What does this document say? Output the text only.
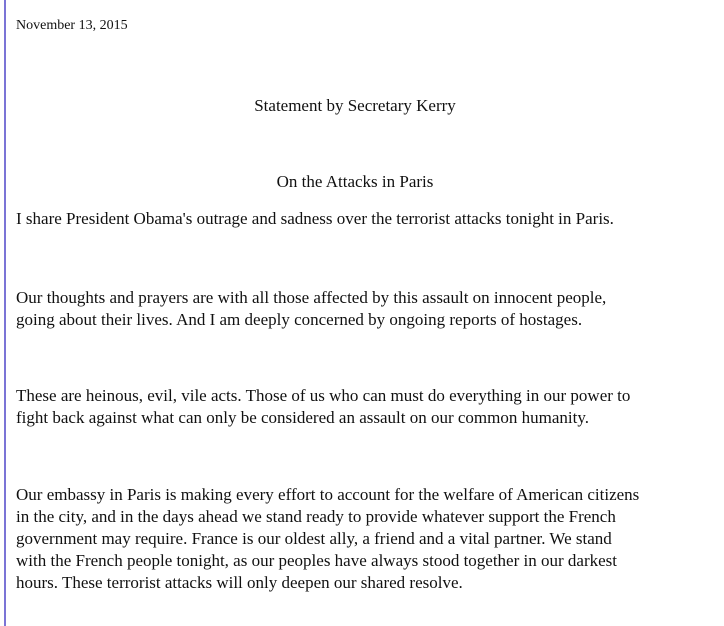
November 13, 2015

Statement by Secretary Kerry
On the Attacks in Paris

I share President Obama's outrage and sadness over the terrorist attacks tonight in Paris.

Our thoughts and prayers are with all those affected by this assault on innocent people,
going about their lives. And I am deeply concerned by ongoing reports of hostages.

These are heinous, evil, vile acts. Those of us who can must do everything in our power to
fight back against what can only be considered an assault on our common humanity.

Our embassy in Paris is making every effort to account for the welfare of American citizens
in the city, and in the days ahead we stand ready to provide whatever support the French
government may require. France is our oldest ally, a friend and a vital partner. We stand
with the French people tonight, as our peoples have always stood together in our darkest
hours. These terrorist attacks will only deepen our shared resolve.
